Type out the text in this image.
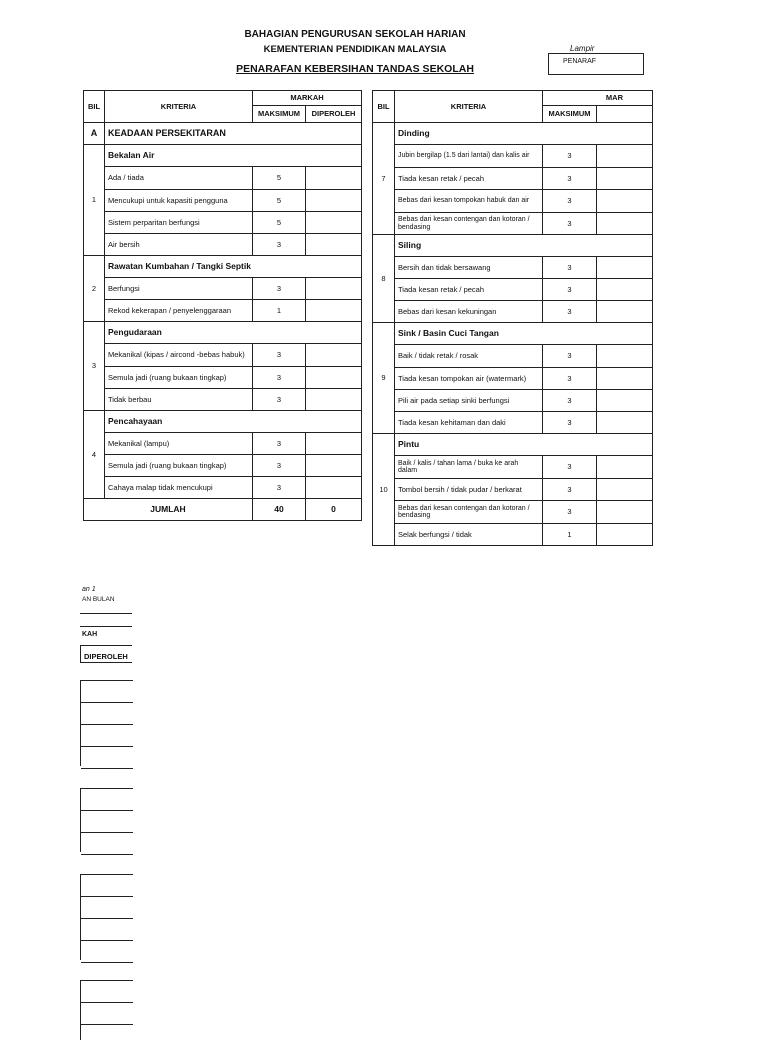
BAHAGIAN PENGURUSAN SEKOLAH HARIAN
KEMENTERIAN PENDIDIKAN MALAYSIA
PENARAFAN KEBERSIHAN TANDAS SEKOLAH
Lampir
PENARAF
BIL	KRITERIA	MARKAH	
		MAKSIMUM	DIPEROLEH
A	KEADAAN PERSEKITARAN		
1	Bekalan Air		
	Ada / tiada	5	
	Mencukupi untuk kapasiti pengguna	5	
	Sistem perparitan berfungsi	5	
	Air bersih	3	
2	Rawatan Kumbahan / Tangki Septik		
	Berfungsi	3	
	Rekod kekerapan / penyelenggaraan	1	
3	Pengudaraan		
	Mekanikal (kipas / aircond -bebas habuk)	3	
	Semula jadi (ruang bukaan tingkap)	3	
	Tidak berbau	3	
4	Pencahayaan		
	Mekanikal (lampu)	3	
	Semula jadi (ruang bukaan tingkap)	3	
	Cahaya malap tidak mencukupi	3	
JUMLAH		40	0
BIL	KRITERIA	MAR	
		MAKSIMUM	
7	Dinding		
	Jubin bergilap (1.5 dari lantai) dan kalis air	3	
	Tiada kesan retak / pecah	3	
	Bebas dari kesan tompokan habuk dan air	3	
	Bebas dari kesan contengan dan kotoran / bendasing	3	
8	Siling		
	Bersih dan tidak bersawang	3	
	Tiada kesan retak / pecah	3	
	Bebas dari kesan kekuningan	3	
9	Sink / Basin Cuci Tangan		
	Baik / tidak retak / rosak	3	
	Tiada kesan tompokan air (watermark)	3	
	Pili air pada setiap sinki berfungsi	3	
	Tiada kesan kehitaman dan daki	3	
10	Pintu		
	Baik / kalis / tahan lama / buka ke arah dalam	3	
	Tombol bersih / tidak pudar / berkarat	3	
	Bebas dari kesan contengan dan kotoran / bendasing	3	
	Selak berfungsi / tidak	1	
an 1
AN BULAN
KAH
DIPEROLEH
